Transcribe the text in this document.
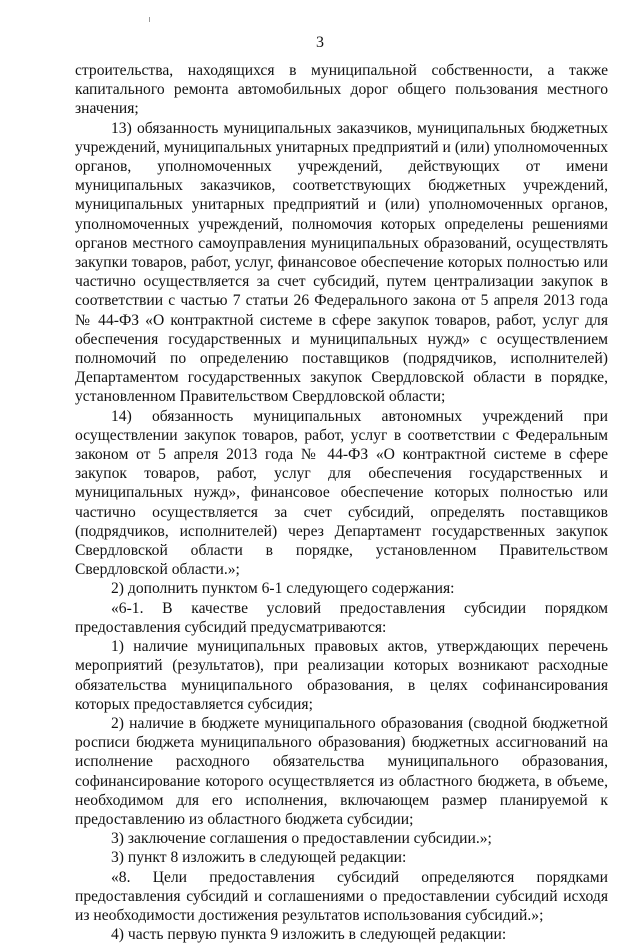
3

строительства, находящихся в муниципальной собственности, а также капитального ремонта автомобильных дорог общего пользования местного значения;

13) обязанность муниципальных заказчиков, муниципальных бюджетных учреждений, муниципальных унитарных предприятий и (или) уполномоченных органов, уполномоченных учреждений, действующих от имени муниципальных заказчиков, соответствующих бюджетных учреждений, муниципальных унитарных предприятий и (или) уполномоченных органов, уполномоченных учреждений, полномочия которых определены решениями органов местного самоуправления муниципальных образований, осуществлять закупки товаров, работ, услуг, финансовое обеспечение которых полностью или частично осуществляется за счет субсидий, путем централизации закупок в соответствии с частью 7 статьи 26 Федерального закона от 5 апреля 2013 года № 44-ФЗ «О контрактной системе в сфере закупок товаров, работ, услуг для обеспечения государственных и муниципальных нужд» с осуществлением полномочий по определению поставщиков (подрядчиков, исполнителей) Департаментом государственных закупок Свердловской области в порядке, установленном Правительством Свердловской области;

14) обязанность муниципальных автономных учреждений при осуществлении закупок товаров, работ, услуг в соответствии с Федеральным законом от 5 апреля 2013 года № 44-ФЗ «О контрактной системе в сфере закупок товаров, работ, услуг для обеспечения государственных и муниципальных нужд», финансовое обеспечение которых полностью или частично осуществляется за счет субсидий, определять поставщиков (подрядчиков, исполнителей) через Департамент государственных закупок Свердловской области в порядке, установленном Правительством Свердловской области.»;

2) дополнить пунктом 6-1 следующего содержания:

«6-1. В качестве условий предоставления субсидии порядком предоставления субсидий предусматриваются:

1) наличие муниципальных правовых актов, утверждающих перечень мероприятий (результатов), при реализации которых возникают расходные обязательства муниципального образования, в целях софинансирования которых предоставляется субсидия;

2) наличие в бюджете муниципального образования (сводной бюджетной росписи бюджета муниципального образования) бюджетных ассигнований на исполнение расходного обязательства муниципального образования, софинансирование которого осуществляется из областного бюджета, в объеме, необходимом для его исполнения, включающем размер планируемой к предоставлению из областного бюджета субсидии;

3) заключение соглашения о предоставлении субсидии.»;

3) пункт 8 изложить в следующей редакции:

«8. Цели предоставления субсидий определяются порядками предоставления субсидий и соглашениями о предоставлении субсидий исходя из необходимости достижения результатов использования субсидий.»;

4) часть первую пункта 9 изложить в следующей редакции:
